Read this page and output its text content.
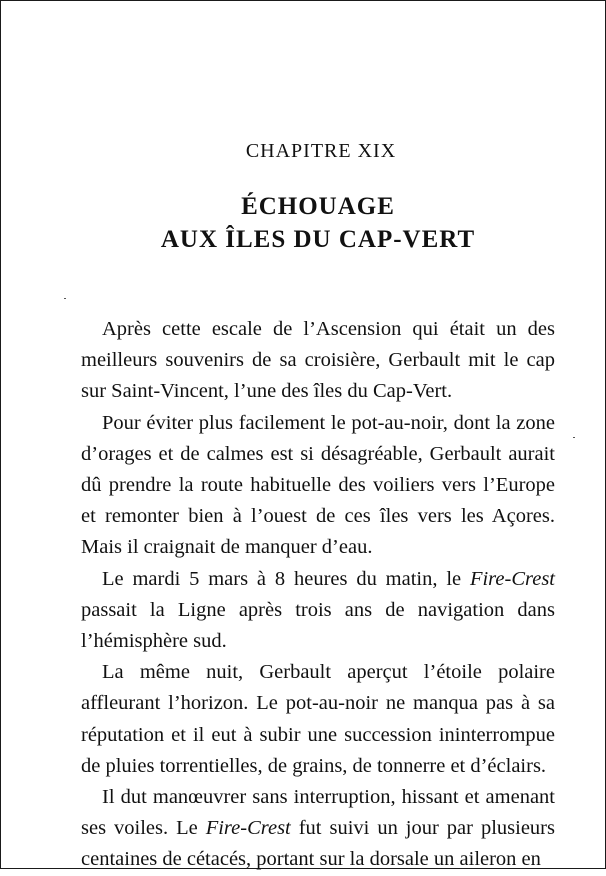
CHAPITRE XIX
ÉCHOUAGE
AUX ÎLES DU CAP-VERT

Après cette escale de l’Ascension qui était un des meilleurs souvenirs de sa croisière, Gerbault mit le cap sur Saint-Vincent, l’une des îles du Cap-Vert.

Pour éviter plus facilement le pot-au-noir, dont la zone d’orages et de calmes est si désagréable, Gerbault aurait dû prendre la route habituelle des voiliers vers l’Europe et remonter bien à l’ouest de ces îles vers les Açores. Mais il craignait de manquer d’eau.

Le mardi 5 mars à 8 heures du matin, le Fire-Crest passait la Ligne après trois ans de navigation dans l’hémisphère sud.

La même nuit, Gerbault aperçut l’étoile polaire affleurant l’horizon. Le pot-au-noir ne manqua pas à sa réputation et il eut à subir une succession ininterrompue de pluies torrentielles, de grains, de tonnerre et d’éclairs.

Il dut manœuvrer sans interruption, hissant et amenant ses voiles. Le Fire-Crest fut suivi un jour par plusieurs centaines de cétacés, portant sur la dorsale un aileron en
